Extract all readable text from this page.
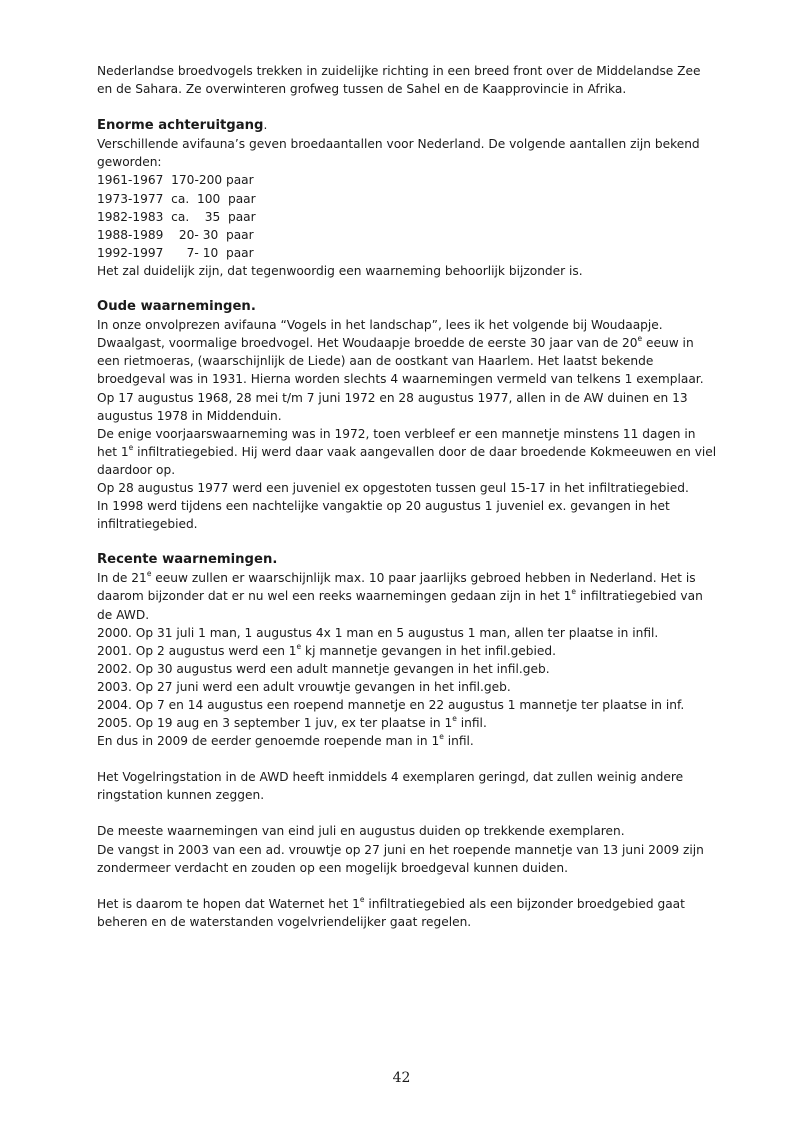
Nederlandse broedvogels trekken in zuidelijke richting in een breed front over de Middelandse Zee en de Sahara. Ze overwinteren grofweg tussen de Sahel en de Kaapprovincie in Afrika.

Enorme achteruitgang.

Verschillende avifauna’s geven broedaantallen voor Nederland. De volgende aantallen zijn bekend geworden:

1961-1967  170-200 paar

1973-1977  ca.  100  paar

1982-1983  ca.    35  paar

1988-1989    20- 30  paar

1992-1997      7- 10  paar

Het zal duidelijk zijn, dat tegenwoordig een waarneming behoorlijk bijzonder is.

Oude waarnemingen.

In onze onvolprezen avifauna “Vogels in het landschap”, lees ik het volgende bij Woudaapje.

Dwaalgast, voormalige broedvogel. Het Woudaapje broedde de eerste 30 jaar van de 20e eeuw in een rietmoeras, (waarschijnlijk de Liede) aan de oostkant van Haarlem. Het laatst bekende broedgeval was in 1931. Hierna worden slechts 4 waarnemingen vermeld van telkens 1 exemplaar. Op 17 augustus 1968, 28 mei t/m 7 juni 1972 en 28 augustus 1977, allen in de AW duinen en 13 augustus 1978 in Middenduin.

De enige voorjaarswaarneming was in 1972, toen verbleef er een mannetje minstens 11 dagen in het 1e infiltratiegebied. Hij werd daar vaak aangevallen door de daar broedende Kokmeeuwen en viel daardoor op.

Op 28 augustus 1977 werd een juveniel ex opgestoten tussen geul 15-17 in het infiltratiegebied.

In 1998 werd tijdens een nachtelijke vangaktie op 20 augustus 1 juveniel ex. gevangen in het infiltratiegebied.

Recente waarnemingen.

In de 21e eeuw zullen er waarschijnlijk max. 10 paar jaarlijks gebroed hebben in Nederland. Het is daarom bijzonder dat er nu wel een reeks waarnemingen gedaan zijn in het 1e infiltratiegebied van de AWD.

2000. Op 31 juli 1 man, 1 augustus 4x 1 man en 5 augustus 1 man, allen ter plaatse in infil.

2001. Op 2 augustus werd een 1e kj mannetje gevangen in het infil.gebied.

2002. Op 30 augustus werd een adult mannetje gevangen in het infil.geb.

2003. Op 27 juni werd een adult vrouwtje gevangen in het infil.geb.

2004. Op 7 en 14 augustus een roepend mannetje en 22 augustus 1 mannetje ter plaatse in inf.

2005. Op 19 aug en 3 september 1 juv, ex ter plaatse in 1e infil.

En dus in 2009 de eerder genoemde roepende man in 1e infil.

Het Vogelringstation in de AWD heeft inmiddels 4 exemplaren geringd, dat zullen weinig andere ringstation kunnen zeggen.

De meeste waarnemingen van eind juli en augustus duiden op trekkende exemplaren.

De vangst in 2003 van een ad. vrouwtje op 27 juni en het roepende mannetje van 13 juni 2009 zijn zondermeer verdacht en zouden op een mogelijk broedgeval kunnen duiden.

Het is daarom te hopen dat Waternet het 1e infiltratiegebied als een bijzonder broedgebied gaat beheren en de waterstanden vogelvriendelijker gaat regelen.

42
